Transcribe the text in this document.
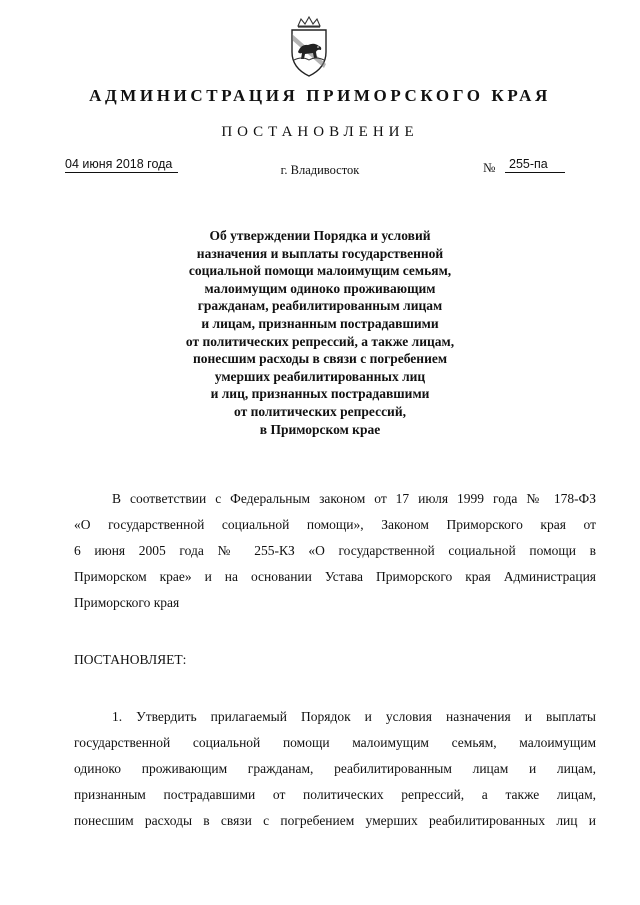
АДМИНИСТРАЦИЯ ПРИМОРСКОГО КРАЯ
ПОСТАНОВЛЕНИЕ
04 июня 2018 года	г. Владивосток	№	255-па
Об утверждении Порядка и условий
назначения и выплаты государственной
социальной помощи малоимущим семьям,
малоимущим одиноко проживающим
гражданам, реабилитированным лицам
и лицам, признанным пострадавшими
от политических репрессий, а также лицам,
понесшим расходы в связи с погребением
умерших реабилитированных лиц
и лиц, признанных пострадавшими
от политических репрессий,
в Приморском крае
В соответствии с Федеральным законом от 17 июля 1999 года № 178-ФЗ
«О государственной социальной помощи», Законом Приморского края от
6 июня 2005 года № 255-КЗ «О государственной социальной помощи в
Приморском крае» и на основании Устава Приморского края Администрация
Приморского края
ПОСТАНОВЛЯЕТ:
1. Утвердить прилагаемый Порядок и условия назначения и выплаты
государственной социальной помощи малоимущим семьям, малоимущим
одиноко проживающим гражданам, реабилитированным лицам и лицам,
признанным пострадавшими от политических репрессий, а также лицам,
понесшим расходы в связи с погребением умерших реабилитированных лиц и
